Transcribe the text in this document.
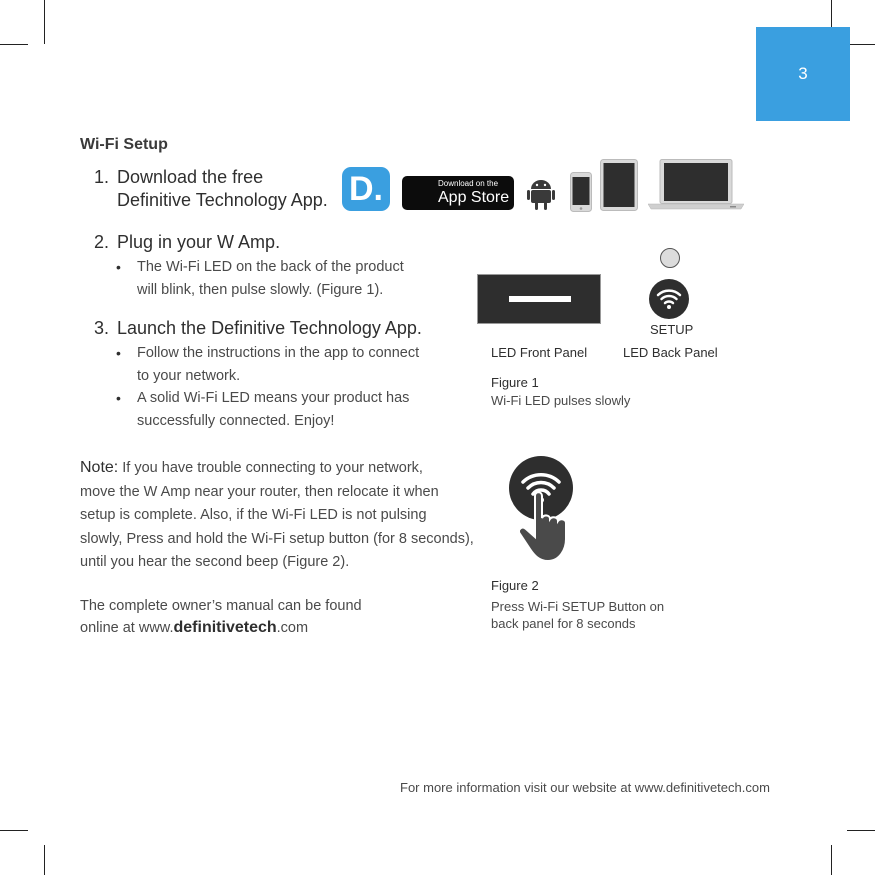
3
Wi-Fi Setup
1. Download the free
Definitive Technology App. D.	Download on the
App Store
2. Plug in your W Amp.
• The Wi-Fi LED on the back of the product
will blink, then pulse slowly. (Figure 1).
3. Launch the Definitive Technology App.
• Follow the instructions in the app to connect
to your network.
• A solid Wi-Fi LED means your product has
successfully connected. Enjoy!
Note: If you have trouble connecting to your network,
move the W Amp near your router, then relocate it when
setup is complete. Also, if the Wi-Fi LED is not pulsing
slowly, Press and hold the Wi-Fi setup button (for 8 seconds),
until you hear the second beep (Figure 2).
The complete owner’s manual can be found
online at www.definitivetech.com
SETUP
LED Front Panel	LED Back Panel
Figure 1
Wi-Fi LED pulses slowly
Figure 2
Press Wi-Fi SETUP Button on
back panel for 8 seconds
For more information visit our website at www.definitivetech.com
